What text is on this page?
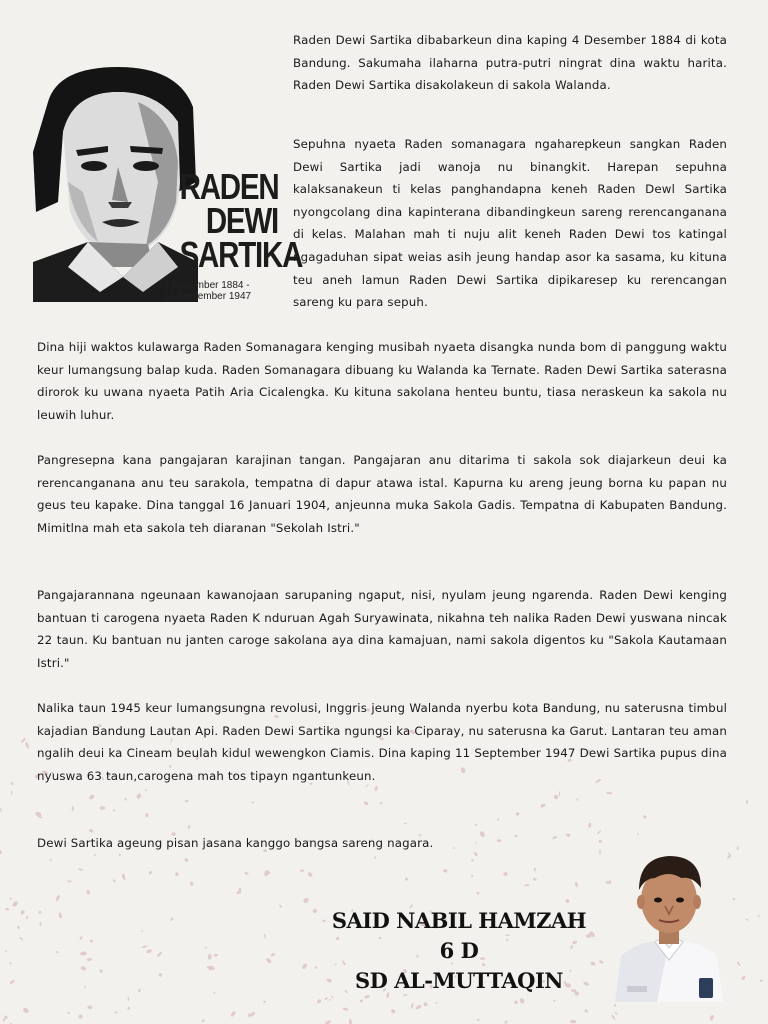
RADEN
DEWI
SARTIKA
4 Desember 1884 -
11 September 1947

Raden Dewi Sartika dibabarkeun dina kaping 4 Desember 1884 di kota Bandung. Sakumaha ilaharna putra-putri ningrat dina waktu harita. Raden Dewi Sartika disakolakeun di sakola Walanda.

Sepuhna nyaeta Raden somanagara ngaharepkeun sangkan Raden Dewi Sartika jadi wanoja nu binangkit. Harepan sepuhna kalaksanakeun ti kelas panghandapna keneh Raden Dewl Sartika nyongcolang dina kapinterana dibandingkeun sareng rerencanganana di kelas. Malahan mah ti nuju alit keneh Raden Dewi tos katingal ngagaduhan sipat weias asih jeung handap asor ka sasama, ku kituna teu aneh lamun Raden Dewi Sartika dipikaresep ku rerencangan sareng ku para sepuh.

Dina hiji waktos kulawarga Raden Somanagara kenging musibah nyaeta disangka nunda bom di panggung waktu keur lumangsung balap kuda. Raden Somanagara dibuang ku Walanda ka Ternate. Raden Dewi Sartika saterasna dirorok ku uwana nyaeta Patih Aria Cicalengka. Ku kituna sakolana henteu buntu, tiasa neraskeun ka sakola nu leuwih luhur.

Pangresepna kana pangajaran karajinan tangan. Pangajaran anu ditarima ti sakola sok diajarkeun deui ka rerencanganana anu teu sarakola, tempatna di dapur atawa istal. Kapurna ku areng jeung borna ku papan nu geus teu kapake. Dina tanggal 16 Januari 1904, anjeunna muka Sakola Gadis. Tempatna di Kabupaten Bandung. Mimitlna mah eta sakola teh diaranan "Sekolah Istri."

Pangajarannana ngeunaan kawanojaan sarupaning ngaput, nisi, nyulam jeung ngarenda. Raden Dewi kenging bantuan ti carogena nyaeta Raden K nduruan Agah Suryawinata, nikahna teh nalika Raden Dewi yuswana nincak 22 taun. Ku bantuan nu janten caroge sakolana aya dina kamajuan, nami sakola digentos ku "Sakola Kautamaan Istri."

Nalika taun 1945 keur lumangsungna revolusi, Inggris jeung Walanda nyerbu kota Bandung, nu saterusna timbul kajadian Bandung Lautan Api. Raden Dewi Sartika ngungsi ka Ciparay, nu saterusna ka Garut. Lantaran teu aman ngalih deui ka Cineam beulah kidul wewengkon Ciamis. Dina kaping 11 September 1947 Dewi Sartika pupus dina nyuswa 63 taun,carogena mah tos tipayn ngantunkeun.

Dewi Sartika ageung pisan jasana kanggo bangsa sareng nagara.

SAID NABIL HAMZAH
6 D
SD AL-MUTTAQIN
